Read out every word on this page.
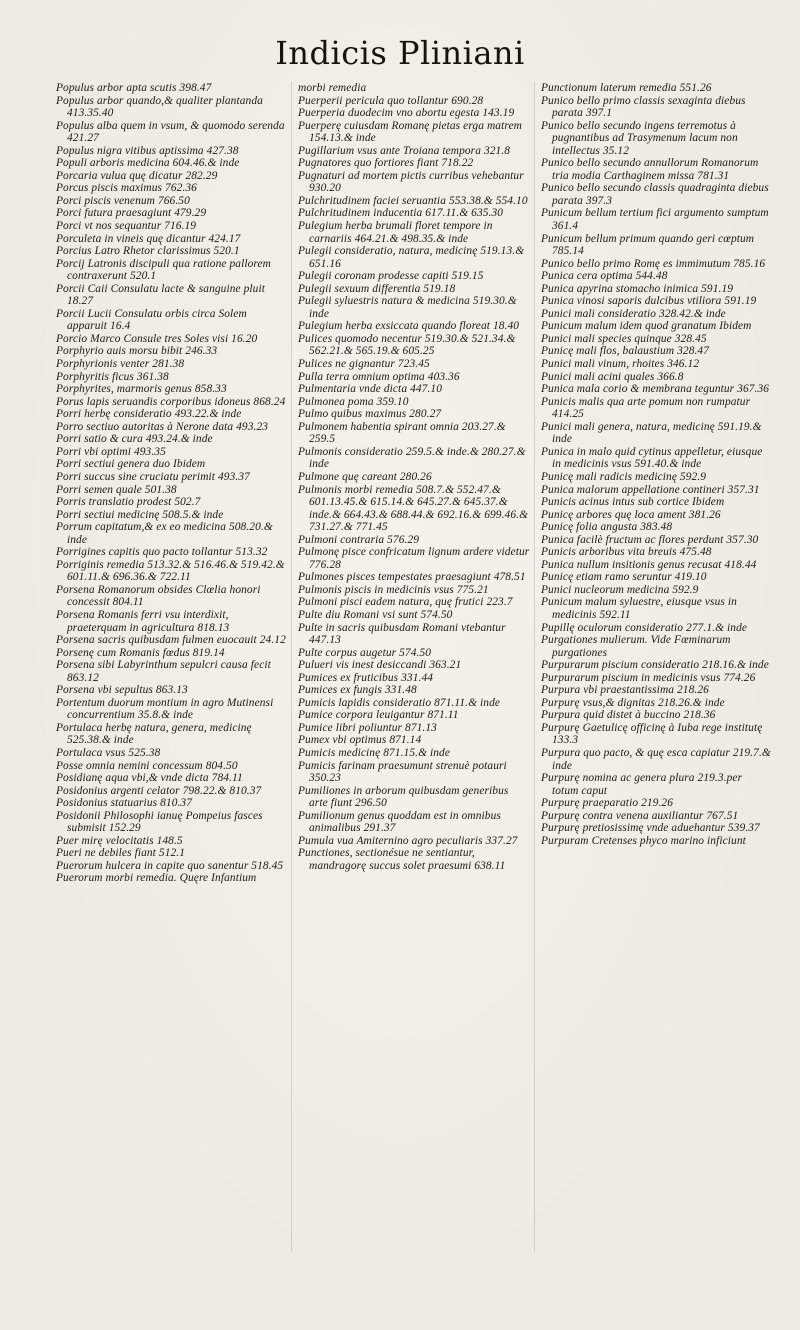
Indicis Pliniani

Populus arbor apta scutis 398.47

Populus arbor quando,& qualiter plantanda 413.35.40

Populus alba quem in vsum, & quomodo serenda 421.27

Populus nigra vitibus aptissima 427.38

Populi arboris medicina 604.46.& inde

Porcaria vulua quę dicatur 282.29

Porcus piscis maximus 762.36

Porci piscis venenum 766.50

Porci futura praesagiunt 479.29

Porci vt nos sequantur 716.19

Porculeta in vineis quę dicantur 424.17

Porcius Latro Rhetor clarissimus 520.1

Porcij Latronis discipuli qua ratione pallorem contraxerunt 520.1

Porcii Caii Consulatu lacte & sanguine pluit 18.27

Porcii Lucii Consulatu orbis circa Solem apparuit 16.4

Porcio Marco Consule tres Soles visi 16.20

Porphyrio auis morsu bibit 246.33

Porphyrionis venter 281.38

Porphyritis ficus 361.38

Porphyrites, marmoris genus 858.33

Porus lapis seruandis corporibus idoneus 868.24

Porri herbę consideratio 493.22.& inde

Porro sectiuo autoritas à Nerone data 493.23

Porri satio & cura 493.24.& inde

Porri vbi optimi 493.35

Porri sectiui genera duo Ibidem

Porri succus sine cruciatu perimit 493.37

Porri semen quale 501.38

Porris translatio prodest 502.7

Porri sectiui medicinę 508.5.& inde

Porrum capitatum,& ex eo medicina 508.20.& inde

Porrigines capitis quo pacto tollantur 513.32

Porriginis remedia 513.32.& 516.46.& 519.42.& 601.11.& 696.36.& 722.11

Porsena Romanorum obsides Clœlia honori concessit 804.11

Porsena Romanis ferri vsu interdixit, praeterquam in agricultura 818.13

Porsena sacris quibusdam fulmen euocauit 24.12

Porsenę cum Romanis fœdus 819.14

Porsena sibi Labyrinthum sepulcri causa fecit 863.12

Porsena vbi sepultus 863.13

Portentum duorum montium in agro Mutinensi concurrentium 35.8.& inde

Portulaca herbę natura, genera, medicinę 525.38.& inde

Portulaca vsus 525.38

Posse omnia nemini concessum 804.50

Posidianę aqua vbi,& vnde dicta 784.11

Posidonius argenti celator 798.22.& 810.37

Posidonius statuarius 810.37

Posidonii Philosophi ianuę Pompeius fasces submisit 152.29

Puer mirę velocitatis 148.5

Pueri ne debiles fiant 512.1

Puerorum hulcera in capite quo sanentur 518.45

Puerorum morbi remedia. Quęre Infantium

morbi remedia

Puerperii pericula quo tollantur 690.28

Puerperia duodecim vno abortu egesta 143.19

Puerperę cuiusdam Romanę pietas erga matrem 154.13.& inde

Pugillarium vsus ante Troiana tempora 321.8

Pugnatores quo fortiores fiant 718.22

Pugnaturi ad mortem pictis curribus vehebantur 930.20

Pulchritudinem faciei seruantia 553.38.& 554.10

Pulchritudinem inducentia 617.11.& 635.30

Pulegium herba brumali floret tempore in carnariis 464.21.& 498.35.& inde

Pulegii consideratio, natura, medicinę 519.13.& 651.16

Pulegii coronam prodesse capiti 519.15

Pulegii sexuum differentia 519.18

Pulegii syluestris natura & medicina 519.30.& inde

Pulegium herba exsiccata quando floreat 18.40

Pulices quomodo necentur 519.30.& 521.34.& 562.21.& 565.19.& 605.25

Pulices ne gignantur 723.45

Pulla terra omnium optima 403.36

Pulmentaria vnde dicta 447.10

Pulmonea poma 359.10

Pulmo quibus maximus 280.27

Pulmonem habentia spirant omnia 203.27.& 259.5

Pulmonis consideratio 259.5.& inde.& 280.27.& inde

Pulmone quę careant 280.26

Pulmonis morbi remedia 508.7.& 552.47.& 601.13.45.& 615.14.& 645.27.& 645.37.& inde.& 664.43.& 688.44.& 692.16.& 699.46.& 731.27.& 771.45

Pulmoni contraria 576.29

Pulmonę pisce confricatum lignum ardere videtur 776.28

Pulmones pisces tempestates praesagiunt 478.51

Pulmonis piscis in medicinis vsus 775.21

Pulmoni pisci eadem natura, quę frutici 223.7

Pulte diu Romani vsi sunt 574.50

Pulte in sacris quibusdam Romani vtebantur 447.13

Pulte corpus augetur 574.50

Pulueri vis inest desiccandi 363.21

Pumices ex fruticibus 331.44

Pumices ex fungis 331.48

Pumicis lapidis consideratio 871.11.& inde

Pumice corpora leuigantur 871.11

Pumice libri poliuntur 871.13

Pumex vbi optimus 871.14

Pumicis medicinę 871.15.& inde

Pumicis farinam praesumunt strenuè potauri 350.23

Pumiliones in arborum quibusdam generibus arte fiunt 296.50

Pumilionum genus quoddam est in omnibus animalibus 291.37

Pumula vua Amiternino agro peculiaris 337.27

Punctiones, sectionésue ne sentiantur, mandragorę succus solet praesumi 638.11

Punctionum laterum remedia 551.26

Punico bello primo classis sexaginta diebus parata 397.1

Punico bello secundo ingens terremotus à pugnantibus ad Trasymenum lacum non intellectus 35.12

Punico bello secundo annullorum Romanorum tria modia Carthaginem missa 781.31

Punico bello secundo classis quadraginta diebus parata 397.3

Punicum bellum tertium fici argumento sumptum 361.4

Punicum bellum primum quando geri cœptum 785.14

Punico bello primo Romę es immimutum 785.16

Punica cera optima 544.48

Punica apyrina stomacho inimica 591.19

Punica vinosi saporis dulcibus vtiliora 591.19

Punici mali consideratio 328.42.& inde

Punicum malum idem quod granatum Ibidem

Punici mali species quinque 328.45

Punicę mali flos, balaustium 328.47

Punici mali vinum, rhoites 346.12

Punici mali acini quales 366.8

Punica mala corio & membrana teguntur 367.36

Punicis malis qua arte pomum non rumpatur 414.25

Punici mali genera, natura, medicinę 591.19.& inde

Punica in malo quid cytinus appelletur, eiusque in medicinis vsus 591.40.& inde

Punicę mali radicis medicinę 592.9

Punica malorum appellatione contineri 357.31

Punicis acinus intus sub cortice Ibidem

Punicę arbores quę loca ament 381.26

Punicę folia angusta 383.48

Punica facilè fructum ac flores perdunt 357.30

Punicis arboribus vita breuis 475.48

Punica nullum insitionis genus recusat 418.44

Punicę etiam ramo seruntur 419.10

Punici nucleorum medicina 592.9

Punicum malum syluestre, eiusque vsus in medicinis 592.11

Pupillę oculorum consideratio 277.1.& inde

Purgationes mulierum. Vide Fœminarum purgationes

Purpurarum piscium consideratio 218.16.& inde

Purpurarum piscium in medicinis vsus 774.26

Purpura vbi praestantissima 218.26

Purpurę vsus,& dignitas 218.26.& inde

Purpura quid distet à buccino 218.36

Purpurę Gaetulicę officinę à Iuba rege institutę 133.3

Purpura quo pacto, & quę esca capiatur 219.7.& inde

Purpurę nomina ac genera plura 219.3.per totum caput

Purpurę praeparatio 219.26

Purpurę contra venena auxiliantur 767.51

Purpurę pretiosissimę vnde aduehantur 539.37

Purpuram Cretenses phyco marino inficiunt
